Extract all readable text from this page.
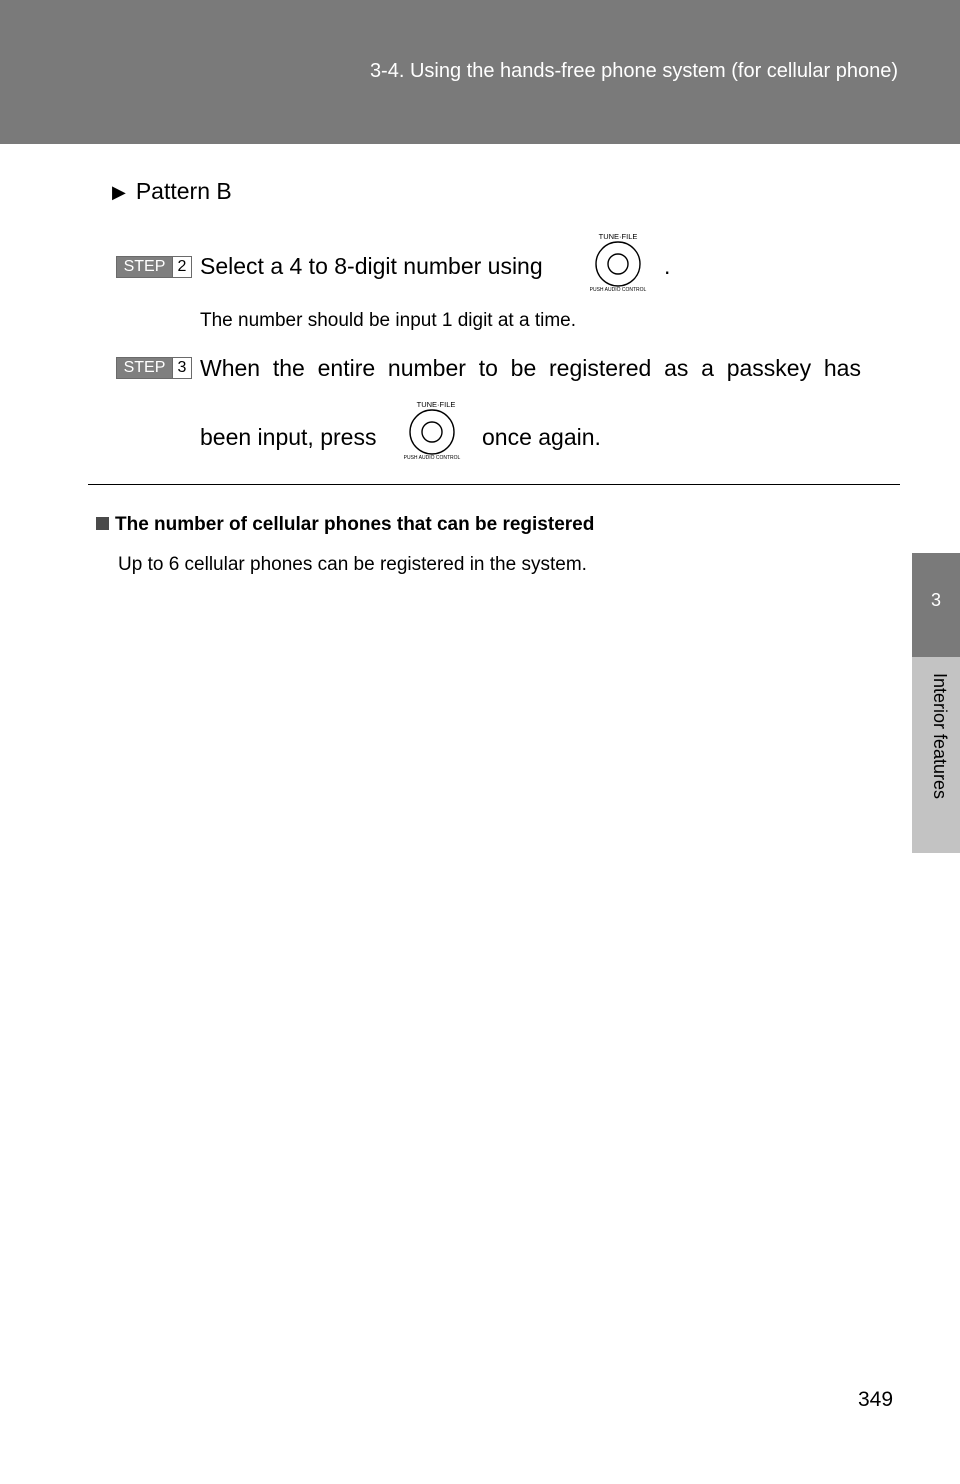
3-4. Using the hands-free phone system (for cellular phone)
3
Interior features
▶ Pattern B
STEP 2 Select a 4 to 8-digit number using
TUNE·FILE
PUSH AUDIO CONTROL
.
The number should be input 1 digit at a time.
STEP 3 When  the  entire  number  to  be  registered  as  a  passkey  has
been input, press
TUNE·FILE
PUSH AUDIO CONTROL
once again.
The number of cellular phones that can be registered
Up to 6 cellular phones can be registered in the system.
349
